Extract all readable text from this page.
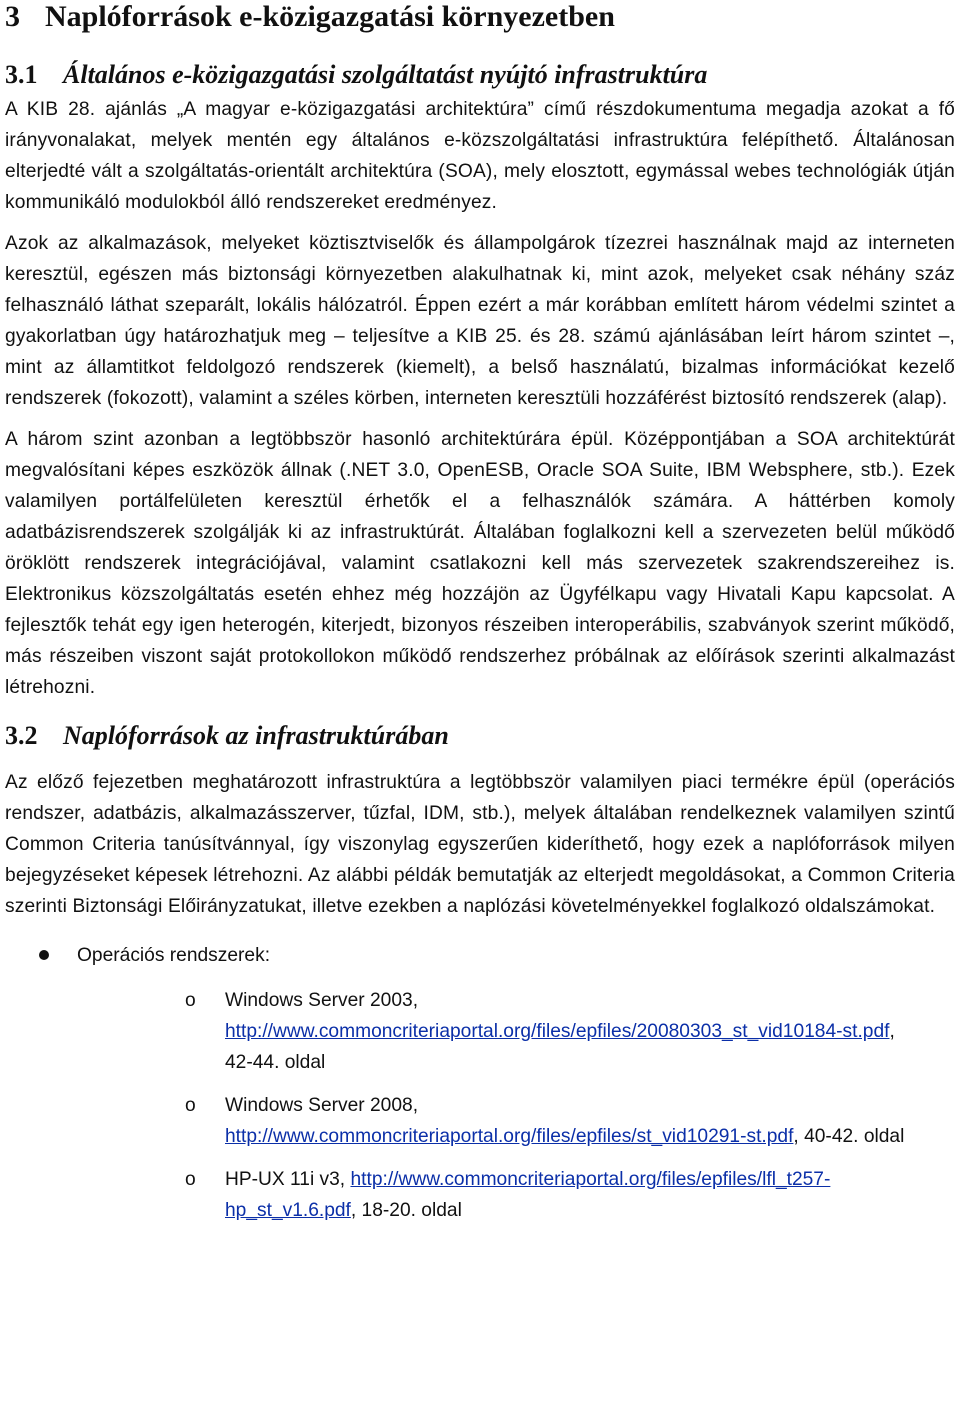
3 Naplóforrások e-közigazgatási környezetben
3.1 Általános e-közigazgatási szolgáltatást nyújtó infrastruktúra

A KIB 28. ajánlás „A magyar e-közigazgatási architektúra” című részdokumentuma megadja azokat a fő irányvonalakat, melyek mentén egy általános e-közszolgáltatási infrastruktúra felépíthető. Általánosan elterjedté vált a szolgáltatás-orientált architektúra (SOA), mely elosztott, egymással webes technológiák útján kommunikáló modulokból álló rendszereket eredményez.

Azok az alkalmazások, melyeket köztisztviselők és állampolgárok tízezrei használnak majd az interneten keresztül, egészen más biztonsági környezetben alakulhatnak ki, mint azok, melyeket csak néhány száz felhasználó láthat szeparált, lokális hálózatról. Éppen ezért a már korábban említett három védelmi szintet a gyakorlatban úgy határozhatjuk meg – teljesítve a KIB 25. és 28. számú ajánlásában leírt három szintet –, mint az államtitkot feldolgozó rendszerek (kiemelt), a belső használatú, bizalmas információkat kezelő rendszerek (fokozott), valamint a széles körben, interneten keresztüli hozzáférést biztosító rendszerek (alap).

A három szint azonban a legtöbbször hasonló architektúrára épül. Középpontjában a SOA architektúrát megvalósítani képes eszközök állnak (.NET 3.0, OpenESB, Oracle SOA Suite, IBM Websphere, stb.). Ezek valamilyen portálfelületen keresztül érhetők el a felhasználók számára. A háttérben komoly adatbázisrendszerek szolgálják ki az infrastruktúrát. Általában foglalkozni kell a szervezeten belül működő öröklött rendszerek integrációjával, valamint csatlakozni kell más szervezetek szakrendszereihez is. Elektronikus közszolgáltatás esetén ehhez még hozzájön az Ügyfélkapu vagy Hivatali Kapu kapcsolat. A fejlesztők tehát egy igen heterogén, kiterjedt, bizonyos részeiben interoperábilis, szabványok szerint működő, más részeiben viszont saját protokollokon működő rendszerhez próbálnak az előírások szerinti alkalmazást létrehozni.

3.2 Naplóforrások az infrastruktúrában

Az előző fejezetben meghatározott infrastruktúra a legtöbbször valamilyen piaci termékre épül (operációs rendszer, adatbázis, alkalmazásszerver, tűzfal, IDM, stb.), melyek általában rendelkeznek valamilyen szintű Common Criteria tanúsítvánnyal, így viszonylag egyszerűen kideríthető, hogy ezek a naplóforrások milyen bejegyzéseket képesek létrehozni. Az alábbi példák bemutatják az elterjedt megoldásokat, a Common Criteria szerinti Biztonsági Előirányzatukat, illetve ezekben a naplózási követelményekkel foglalkozó oldalszámokat.

Operációs rendszerek:
o Windows Server 2003,
http://www.commoncriteriaportal.org/files/epfiles/20080303_st_vid10184-st.pdf, 42-44. oldal
o Windows Server 2008,
http://www.commoncriteriaportal.org/files/epfiles/st_vid10291-st.pdf, 40-42. oldal
o HP-UX 11i v3, http://www.commoncriteriaportal.org/files/epfiles/lfl_t257-hp_st_v1.6.pdf, 18-20. oldal
